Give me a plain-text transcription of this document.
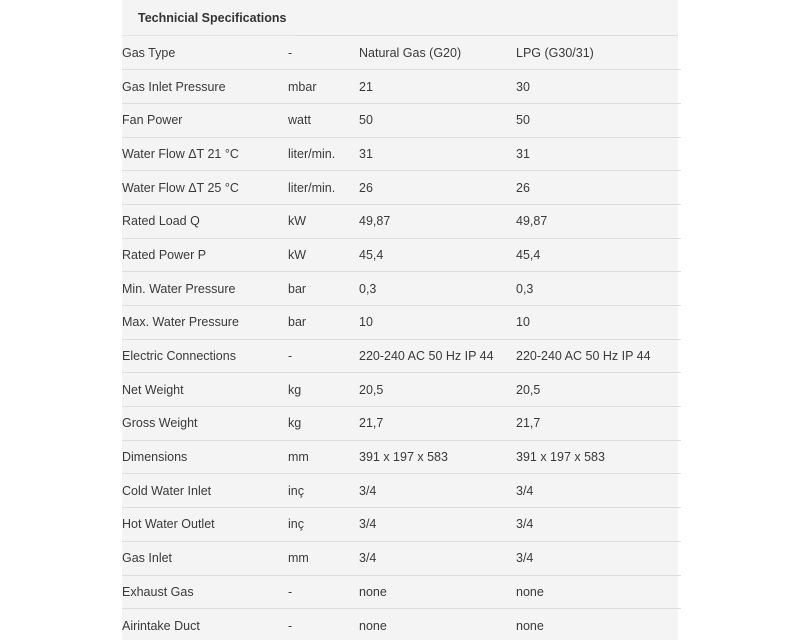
Technicial Specifications
Gas Type	-	Natural Gas (G20)	LPG (G30/31)
Gas Inlet Pressure	mbar	21	30
Fan Power	watt	50	50
Water Flow ΔT 21 °C	liter/min.	31	31
Water Flow ΔT 25 °C	liter/min.	26	26
Rated Load Q	kW	49,87	49,87
Rated Power P	kW	45,4	45,4
Min. Water Pressure	bar	0,3	0,3
Max. Water Pressure	bar	10	10
Electric Connections	-	220-240 AC 50 Hz IP 44	220-240 AC 50 Hz IP 44
Net Weight	kg	20,5	20,5
Gross Weight	kg	21,7	21,7
Dimensions	mm	391 x 197 x 583	391 x 197 x 583
Cold Water Inlet	inç	3/4	3/4
Hot Water Outlet	inç	3/4	3/4
Gas Inlet	mm	3/4	3/4
Exhaust Gas	-	none	none
Airintake Duct	-	none	none
